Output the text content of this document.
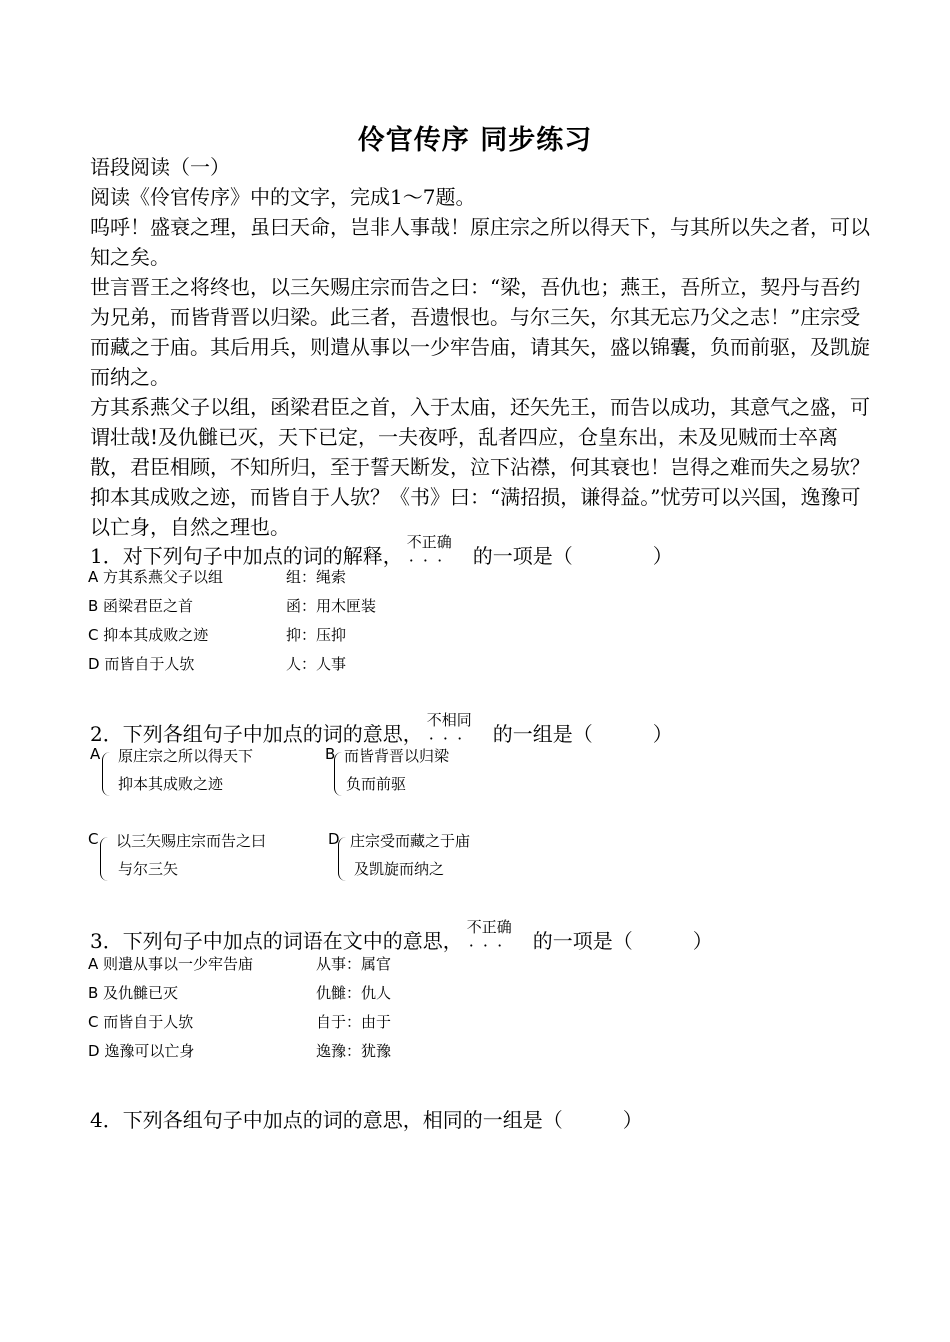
伶官传序 同步练习

语段阅读（一）

阅读《伶官传序》中的文字，完成1～7题。

呜呼！盛衰之理，虽曰天命，岂非人事哉！原庄宗之所以得天下，与其所以失之者，可以知之矣。

世言晋王之将终也，以三矢赐庄宗而告之曰：“梁，吾仇也；燕王，吾所立，契丹与吾约为兄弟，而皆背晋以归梁。此三者，吾遗恨也。与尔三矢，尔其无忘乃父之志！”庄宗受而藏之于庙。其后用兵，则遣从事以一少牢告庙，请其矢，盛以锦囊，负而前驱，及凯旋而纳之。

方其系燕父子以组，函梁君臣之首，入于太庙，还矢先王，而告以成功，其意气之盛，可谓壮哉!及仇雠已灭，天下已定，一夫夜呼，乱者四应，仓皇东出，未及见贼而士卒离散，君臣相顾，不知所归，至于誓天断发，泣下沾襟，何其衰也！岂得之难而失之易欤？抑本其成败之迹，而皆自于人欤？《书》曰：“满招损，谦得益。”忧劳可以兴国，逸豫可以亡身，自然之理也。

1．对下列句子中加点的词的解释，
不正确
· · ·的一项是（　　　　）
A 方其系燕父子以组	组：绳索
B 函梁君臣之首	函：用木匣装
C 抑本其成败之迹	抑：压抑
D 而皆自于人欤	人：人事
2．下列各组句子中加点的词的意思，
不相同
· · ·的一组是（　　　）
A 原庄宗之所以得天下
抑本其成败之迹
B 而皆背晋以归梁
负而前驱
C 以三矢赐庄宗而告之曰
与尔三矢
D 庄宗受而藏之于庙
及凯旋而纳之
3．下列句子中加点的词语在文中的意思，
不正确
· · ·的一项是（　　　）
A 则遣从事以一少牢告庙	从事：属官
B 及仇雠已灭	仇雠：仇人
C 而皆自于人欤	自于：由于
D 逸豫可以亡身	逸豫：犹豫
4．下列各组句子中加点的词的意思，相同的一组是（　　　）
